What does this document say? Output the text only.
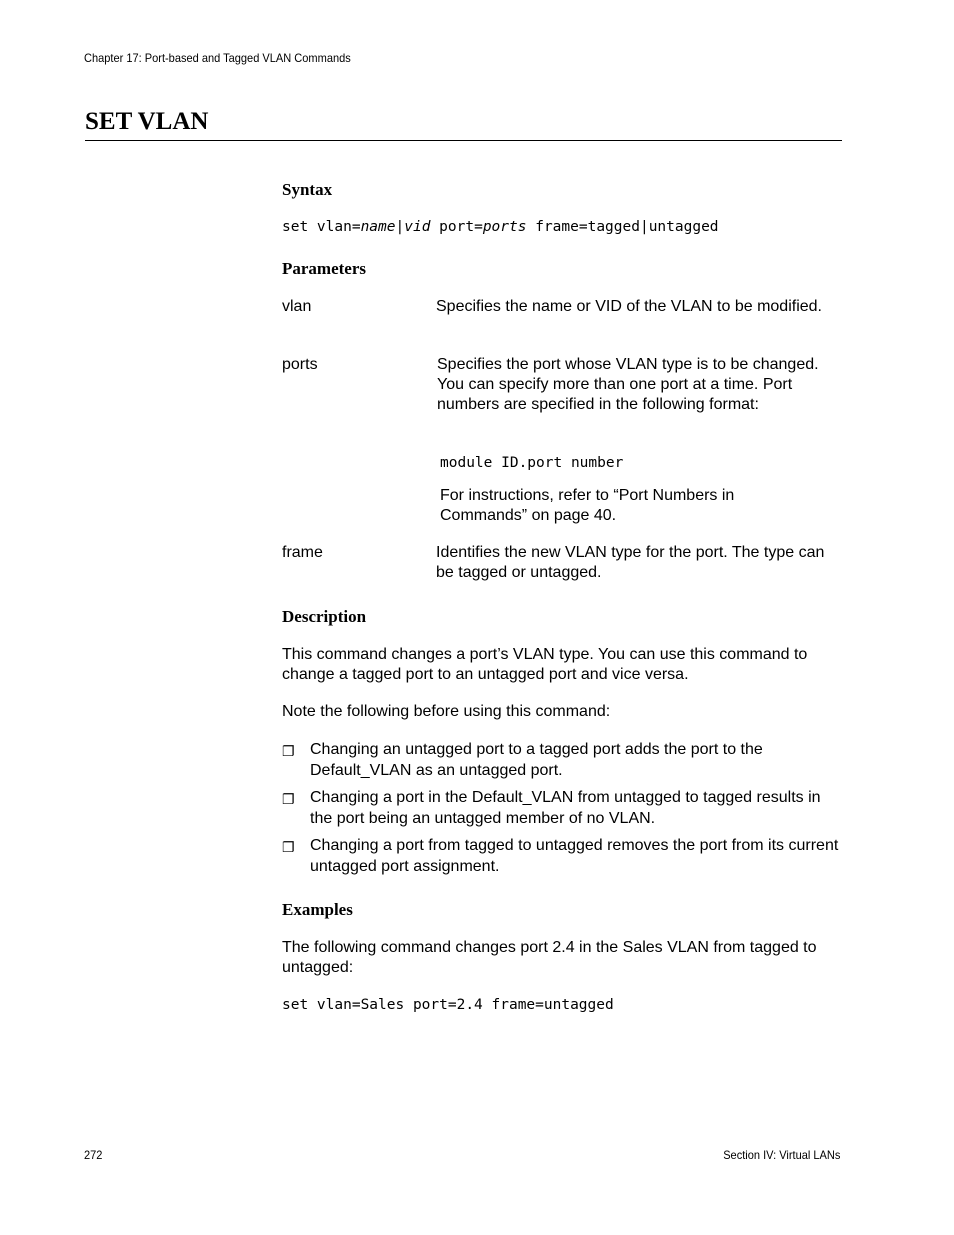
Chapter 17: Port-based and Tagged VLAN Commands
SET VLAN
Syntax
set vlan=name|vid port=ports frame=tagged|untagged
Parameters
vlan	Specifies the name or VID of the VLAN to be modified.
ports	Specifies the port whose VLAN type is to be changed. You can specify more than one port at a time. Port numbers are specified in the following format:
module ID.port number
For instructions, refer to “Port Numbers in Commands” on page 40.
frame	Identifies the new VLAN type for the port. The type can be tagged or untagged.
Description
This command changes a port’s VLAN type. You can use this command to change a tagged port to an untagged port and vice versa.
Note the following before using this command:
❐ Changing an untagged port to a tagged port adds the port to the Default_VLAN as an untagged port.
❐ Changing a port in the Default_VLAN from untagged to tagged results in the port being an untagged member of no VLAN.
❐ Changing a port from tagged to untagged removes the port from its current untagged port assignment.
Examples
The following command changes port 2.4 in the Sales VLAN from tagged to untagged:
set vlan=Sales port=2.4 frame=untagged
272	Section IV: Virtual LANs
